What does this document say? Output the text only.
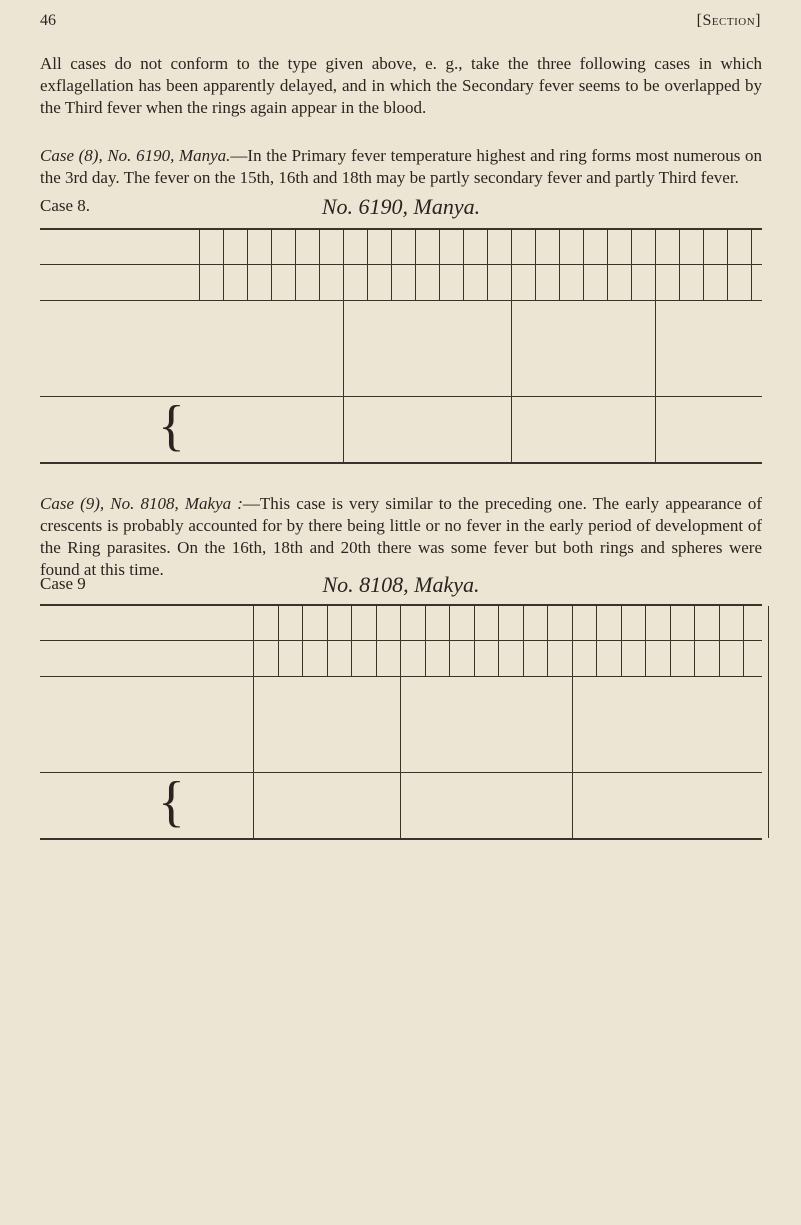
46	[Section]

All cases do not conform to the type given above, e. g., take the three following cases in which exflagellation has been apparently delayed, and in which the Secondary fever seems to be overlapped by the Third fever when the rings again appear in the blood.

Case (8), No. 6190, Manya.—In the Primary fever temperature highest and ring forms most numerous on the 3rd day. The fever on the 15th, 16th and 18th may be partly secondary fever and partly Third fever.

Case 8.	No. 6190, Manya.
{

Case (9), No. 8108, Makya :—This case is very similar to the preceding one. The early appearance of crescents is probably accounted for by there being little or no fever in the early period of development of the Ring parasites. On the 16th, 18th and 20th there was some fever but both rings and spheres were found at this time.

Case 9	No. 8108, Makya.
{
